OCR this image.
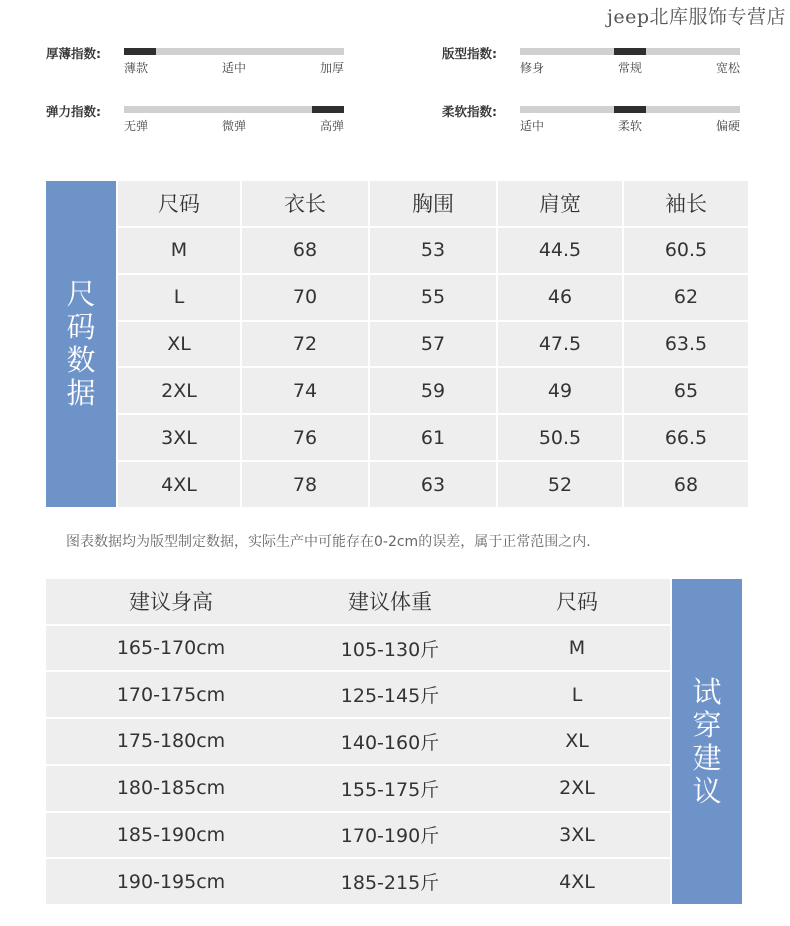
jeep北库服饰专营店
厚薄指数:
薄款	适中	加厚
版型指数:
修身	常规	宽松
弹力指数:
无弹	微弹	高弹
柔软指数:
适中	柔软	偏硬
尺码数据
尺码	衣长	胸围	肩宽	袖长
M	68	53	44.5	60.5
L	70	55	46	62
XL	72	57	47.5	63.5
2XL	74	59	49	65
3XL	76	61	50.5	66.5
4XL	78	63	52	68
图表数据均为版型制定数据，实际生产中可能存在0-2cm的误差，属于正常范围之内.
建议身高	建议体重	尺码
165-170cm	105-130斤	M
170-175cm	125-145斤	L
175-180cm	140-160斤	XL
180-185cm	155-175斤	2XL
185-190cm	170-190斤	3XL
190-195cm	185-215斤	4XL
试穿建议
